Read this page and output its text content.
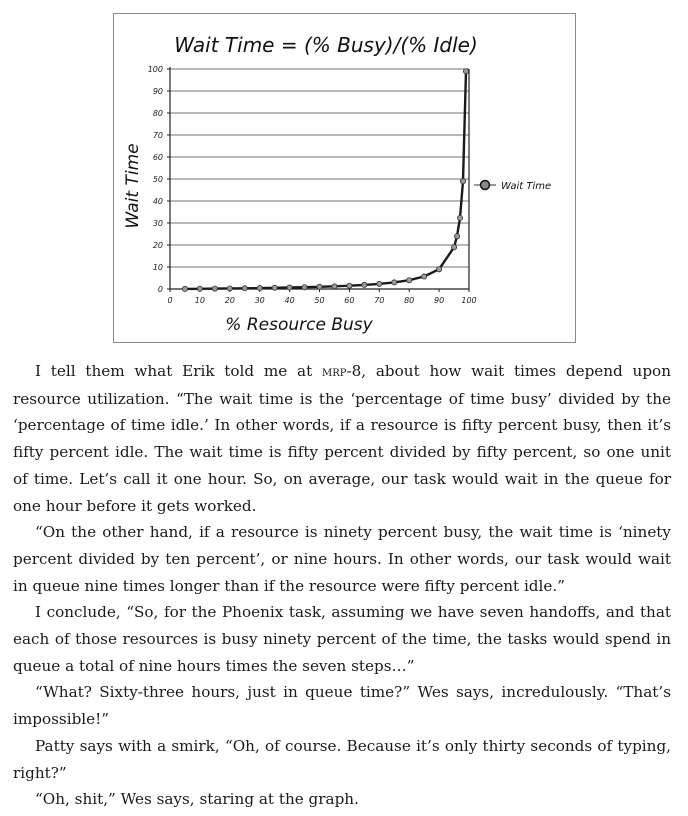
Wait Time = (% Busy)/(% Idle)
Wait Time
% Resource Busy
0
10
20
30
40
50
60
70
80
90
100
0	10 20 30 40 50 60 70 80 90 100
Wait Time

I tell them what Erik told me at mrp-8, about how wait times depend upon resource utilization. “The wait time is the ‘percentage of time busy’ divided by the ‘percentage of time idle.’ In other words, if a resource is fifty percent busy, then it’s fifty percent idle. The wait time is fifty percent divided by fifty percent, so one unit of time. Let’s call it one hour. So, on average, our task would wait in the queue for one hour before it gets worked.

“On the other hand, if a resource is ninety percent busy, the wait time is ‘ninety percent divided by ten percent’, or nine hours. In other words, our task would wait in queue nine times longer than if the resource were fifty percent idle.”

I conclude, “So, for the Phoenix task, assuming we have seven handoffs, and that each of those resources is busy ninety percent of the time, the tasks would spend in queue a total of nine hours times the seven steps…”

“What? Sixty-three hours, just in queue time?” Wes says, incredulously. “That’s impossible!”

Patty says with a smirk, “Oh, of course. Because it’s only thirty seconds of typing, right?”

“Oh, shit,” Wes says, staring at the graph.
